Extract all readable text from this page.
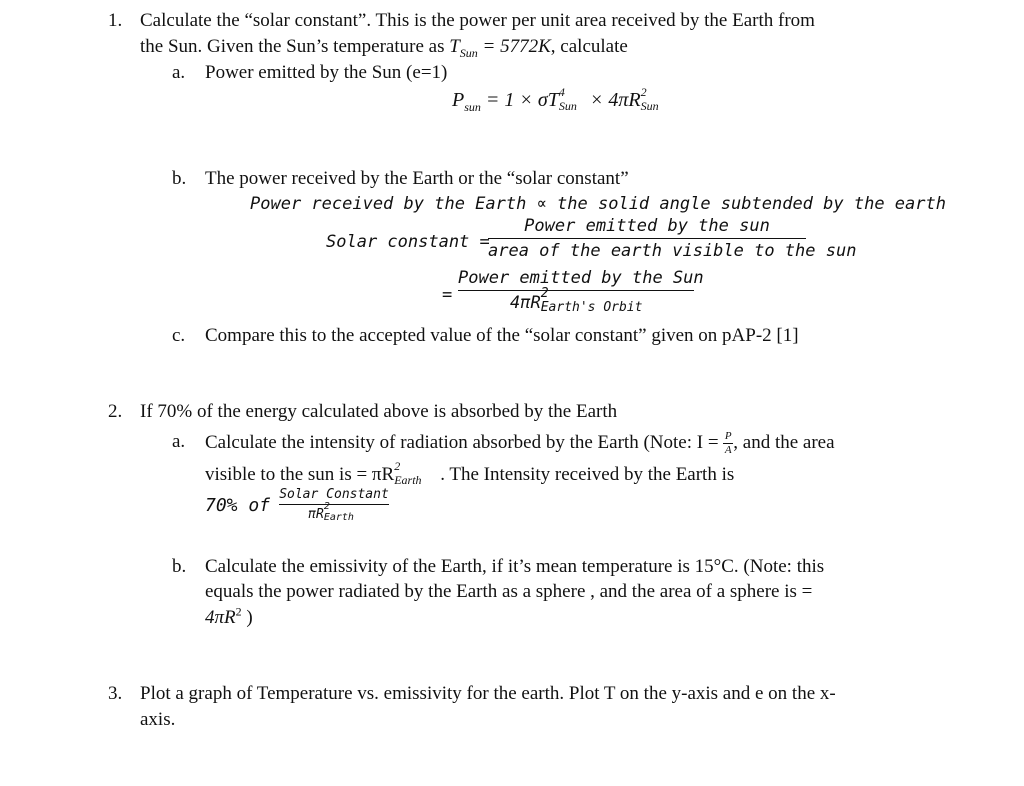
1. Calculate the “solar constant”. This is the power per unit area received by the Earth from
the Sun. Given the Sun’s temperature as $T_{Sun} = 5772K$, calculate
a. Power emitted by the Sun (e=1)
$P_{sun} = 1 \times \sigma T$ 4
Sun × 4πR 2
Sun
b. The power received by the Earth or the “solar constant”
Power received by the Earth ∝ the solid angle subtended by the earth
Solar constant =
Power emitted by the sun
area of the earth visible to the sun
=
Power emitted by the Sun
4πR 2
Earth's Orbit
c. Compare this to the accepted value of the “solar constant” given on pAP-2 [1]
2. If 70% of the energy calculated above is absorbed by the Earth
a. Calculate the intensity of radiation absorbed by the Earth (Note: $I = \frac{P}{A}$ , and the area
visible to the sun is = πR 2
Earth . The Intensity received by the Earth is
70% of
Solar Constant
πR
2
Earth
b. Calculate the emissivity of the Earth, if it’s mean temperature is 15°C. (Note: this
equals the power radiated by the Earth as a sphere , and the area of a sphere is =
$4\pi R^2$ )
3. Plot a graph of Temperature vs. emissivity for the earth. Plot T on the y-axis and e on the x-
axis.
